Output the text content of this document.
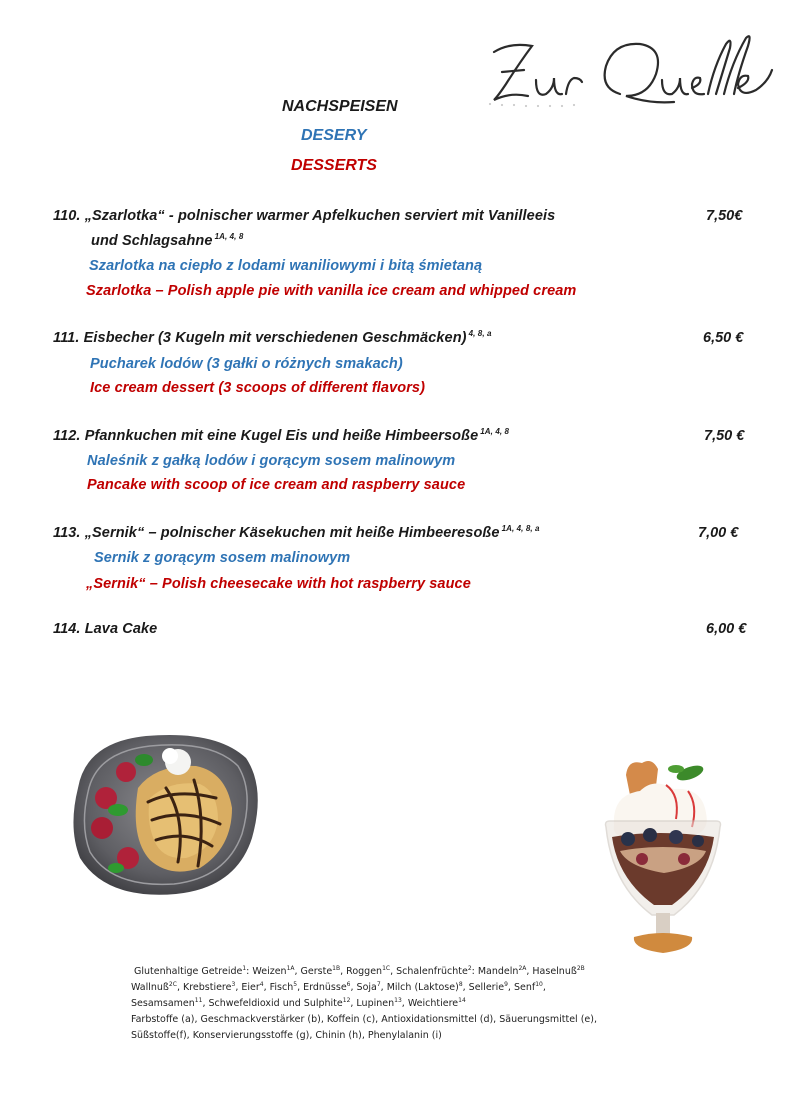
NACHSPEISEN
DESERY
DESSERTS
110. „Szarlotka“ - polnischer warmer Apfelkuchen serviert mit Vanilleeis
und Schlagsahne $^{1A, 4, 8}$
Szarlotka na ciepło z lodami waniliowymi i bitą śmietaną
Szarlotka – Polish apple pie with vanilla ice cream and whipped cream
7,50€
111. Eisbecher (3 Kugeln mit verschiedenen Geschmäcken) $^{4, 8, a}$
Pucharek lodów (3 gałki o różnych smakach)
Ice cream dessert (3 scoops of different flavors)
6,50 €
112. Pfannkuchen mit eine Kugel Eis und heiße Himbeersoße $^{1A, 4, 8}$
Naleśnik z gałką lodów i gorącym sosem malinowym
Pancake with scoop of ice cream and raspberry sauce
7,50 €
113. „Sernik“ – polnischer Käsekuchen mit heiße Himbeeresoße $^{1A, 4, 8, a}$
Sernik z gorącym sosem malinowym
„Sernik“ – Polish cheesecake with hot raspberry sauce
7,00 €
114. Lava Cake	6,00 €
Glutenhaltige Getreide$^1$: Weizen$^{1A}$, Gerste$^{1B}$, Roggen$^{1C}$, Schalenfrüchte$^2$: Mandeln$^{2A}$, Haselnuß$^{2B}$
Wallnuß$^{2C}$, Krebstiere$^3$, Eier$^4$, Fisch$^5$, Erdnüsse$^6$, Soja$^7$, Milch (Laktose)$^8$, Sellerie$^9$, Senf$^{10}$,
Sesamsamen$^{11}$, Schwefeldioxid und Sulphite$^{12}$, Lupinen$^{13}$, Weichtiere$^{14}$
Farbstoffe (a), Geschmackverstärker (b), Koffein (c), Antioxidationsmittel (d), Säuerungsmittel (e),
Süßstoffe(f), Konservierungsstoffe (g), Chinin (h), Phenylalanin (i)
